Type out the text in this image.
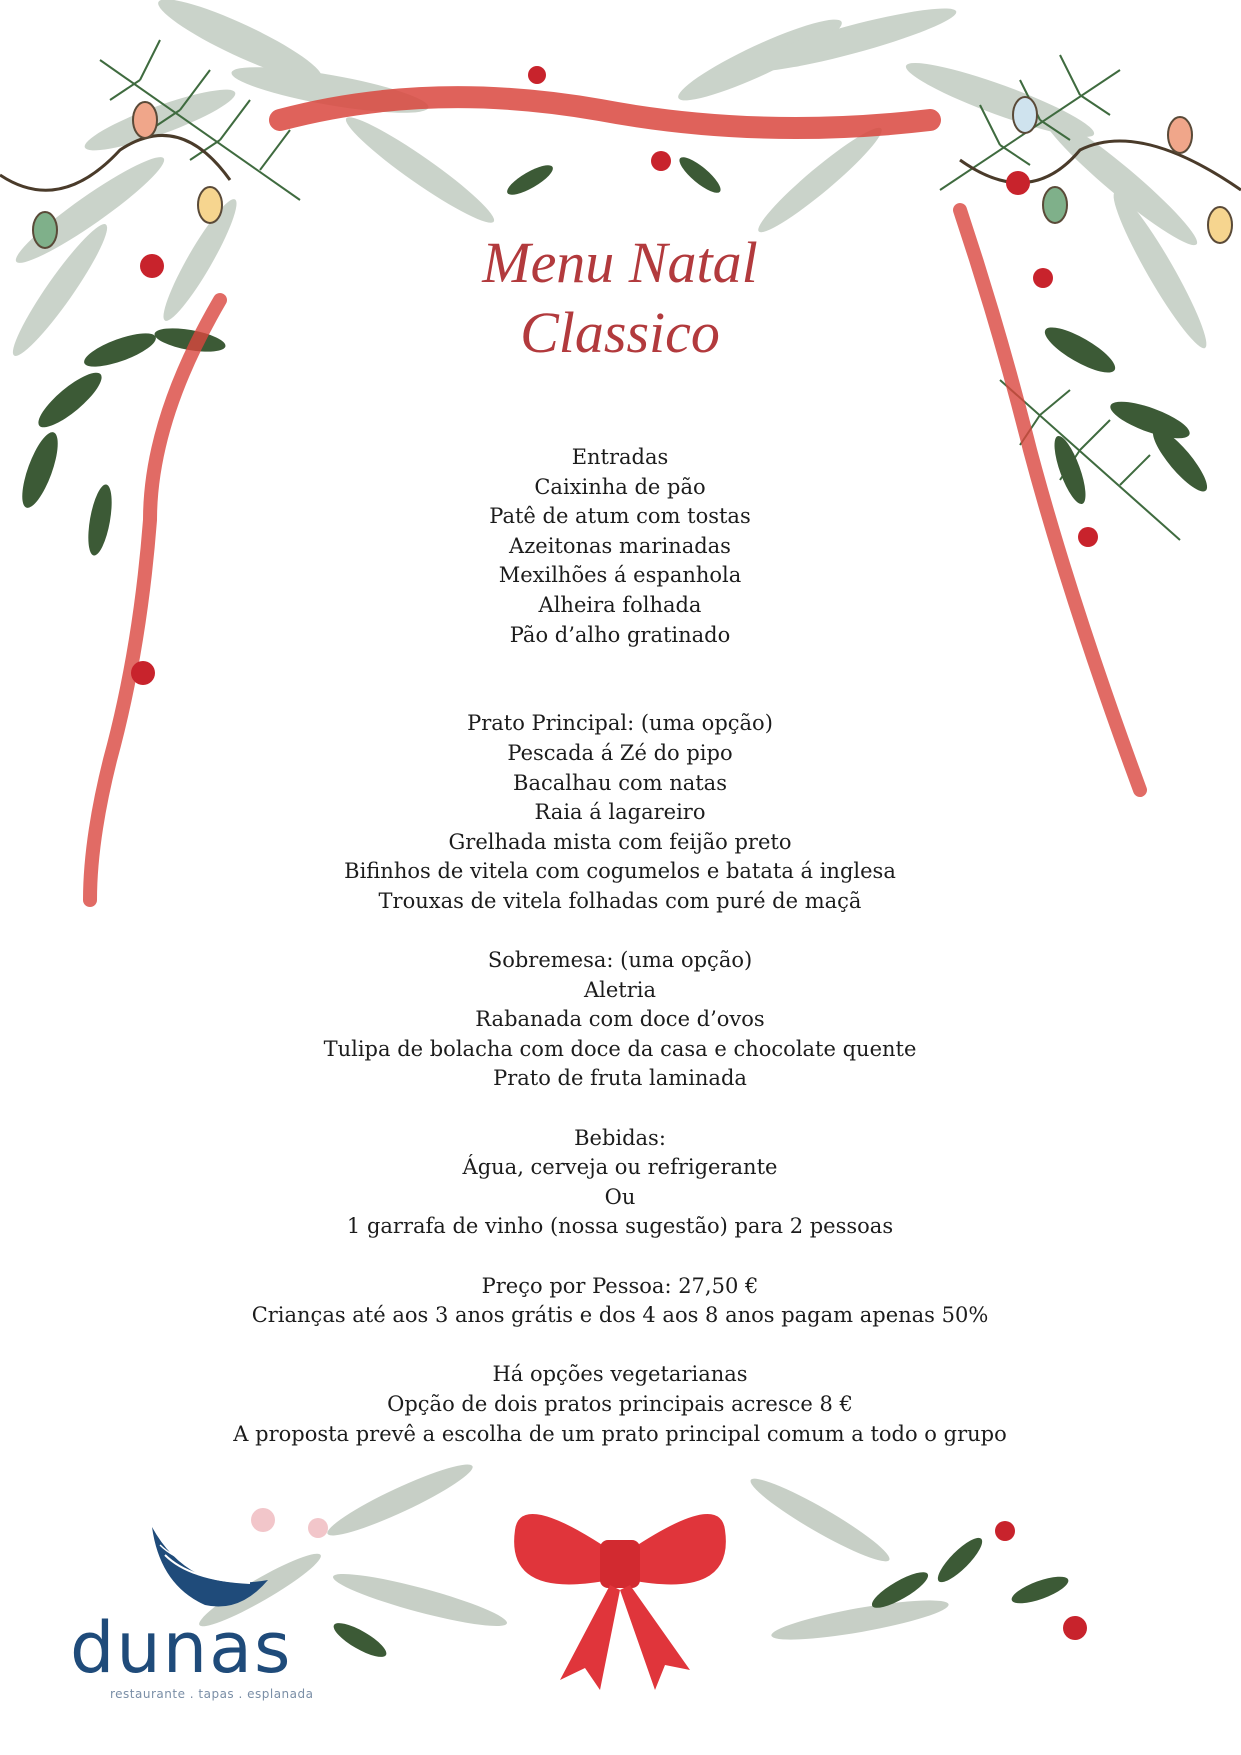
Menu Natal
Classico
Entradas
Caixinha de pão
Patê de atum com tostas
Azeitonas marinadas
Mexilhões á espanhola
Alheira folhada
Pão d’alho gratinado
Prato Principal: (uma opção)
Pescada á Zé do pipo
Bacalhau com natas
Raia á lagareiro
Grelhada mista com feijão preto
Bifinhos de vitela com cogumelos e batata á inglesa
Trouxas de vitela folhadas com puré de maçã
Sobremesa: (uma opção)
Aletria
Rabanada com doce d’ovos
Tulipa de bolacha com doce da casa e chocolate quente
Prato de fruta laminada
Bebidas:
Água, cerveja ou refrigerante
Ou
1 garrafa de vinho (nossa sugestão) para 2 pessoas
Preço por Pessoa: 27,50 €
Crianças até aos 3 anos grátis e dos 4 aos 8 anos pagam apenas 50%
Há opções vegetarianas
Opção de dois pratos principais acresce 8 €
A proposta prevê a escolha de um prato principal comum a todo o grupo
dunas
restaurante . tapas . esplanada
